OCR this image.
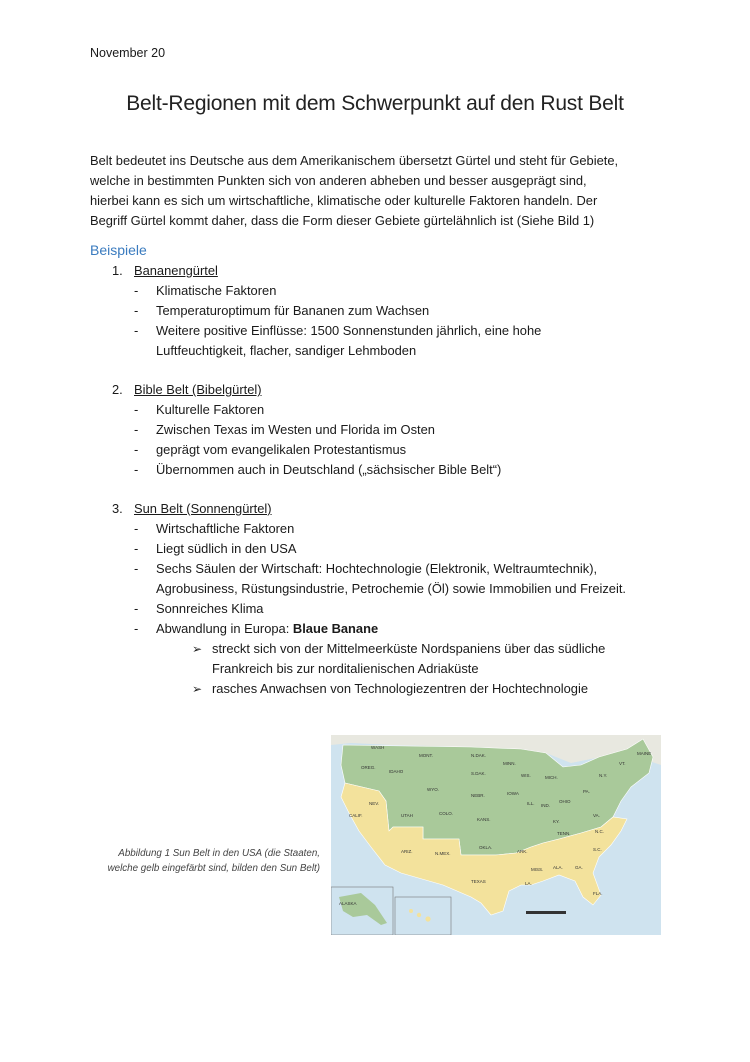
November 20
Belt-Regionen mit dem Schwerpunkt auf den Rust Belt

Belt bedeutet ins Deutsche aus dem Amerikanischem übersetzt Gürtel und steht für Gebiete,

welche in bestimmten Punkten sich von anderen abheben und besser ausgeprägt sind,

hierbei kann es sich um wirtschaftliche, klimatische oder kulturelle Faktoren handeln. Der

Begriff Gürtel kommt daher, dass die Form dieser Gebiete gürtelähnlich ist (Siehe Bild 1)

Beispiele
1. Bananengürtel
- Klimatische Faktoren
- Temperaturoptimum für Bananen zum Wachsen
- Weitere positive Einflüsse: 1500 Sonnenstunden jährlich, eine hohe
Luftfeuchtigkeit, flacher, sandiger Lehmboden
2. Bible Belt (Bibelgürtel)
- Kulturelle Faktoren
- Zwischen Texas im Westen und Florida im Osten
- geprägt vom evangelikalen Protestantismus
- Übernommen auch in Deutschland („sächsischer Bible Belt“)
3. Sun Belt (Sonnengürtel)
- Wirtschaftliche Faktoren
- Liegt südlich in den USA
- Sechs Säulen der Wirtschaft: Hochtechnologie (Elektronik, Weltraumtechnik),
Agrobusiness, Rüstungsindustrie, Petrochemie (Öl) sowie Immobilien und Freizeit.
- Sonnreiches Klima
- Abwandlung in Europa: Blaue Banane
➢ streckt sich von der Mittelmeerküste Nordspaniens über das südliche
Frankreich bis zur norditalienischen Adriaküste
➢ rasches Anwachsen von Technologiezentren der Hochtechnologie
WASH
OREG.
IDAHO
MONT.	N.DAK.
MINN.
S.DAK.	WIS.	MICH.
WYO.
IOWA
NEBR.
NEV.
UTAH	COLO.
CALIF.
KANS.
ILL. IND.
OHIO
PA.
N.Y.
VT.
MAINE
KY.
VA.
ARIZ.	N.MEX.
OKLA.
ARK.
TENN.	N.C.
S.C.
MISS. ALA.	GA.
LA.
TEXAS
FLA.
ALASKA
Abbildung 1 Sun Belt in den USA (die Staaten,
welche gelb eingefärbt sind, bilden den Sun Belt)
